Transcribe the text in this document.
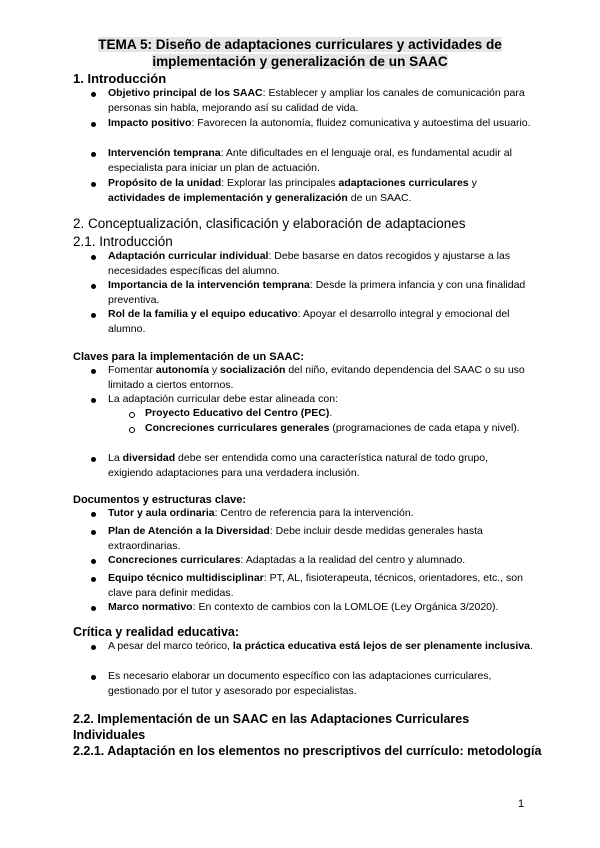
TEMA 5: Diseño de adaptaciones curriculares y actividades de
implementación y generalización de un SAAC
1. Introducción
Objetivo principal de los SAAC: Establecer y ampliar los canales de comunicación para personas sin habla, mejorando así su calidad de vida.
Impacto positivo: Favorecen la autonomía, fluidez comunicativa y autoestima del usuario.
Intervención temprana: Ante dificultades en el lenguaje oral, es fundamental acudir al especialista para iniciar un plan de actuación.
Propósito de la unidad: Explorar las principales adaptaciones curriculares y actividades de implementación y generalización de un SAAC.
2. Conceptualización, clasificación y elaboración de adaptaciones
2.1. Introducción
Adaptación curricular individual: Debe basarse en datos recogidos y ajustarse a las necesidades específicas del alumno.
Importancia de la intervención temprana: Desde la primera infancia y con una finalidad preventiva.
Rol de la familia y el equipo educativo: Apoyar el desarrollo integral y emocional del alumno.
Claves para la implementación de un SAAC:
Fomentar autonomía y socialización del niño, evitando dependencia del SAAC o su uso limitado a ciertos entornos.
La adaptación curricular debe estar alineada con:
Proyecto Educativo del Centro (PEC).
Concreciones curriculares generales (programaciones de cada etapa y nivel).
La diversidad debe ser entendida como una característica natural de todo grupo, exigiendo adaptaciones para una verdadera inclusión.
Documentos y estructuras clave:
Tutor y aula ordinaria: Centro de referencia para la intervención.
Plan de Atención a la Diversidad: Debe incluir desde medidas generales hasta extraordinarias.
Concreciones curriculares: Adaptadas a la realidad del centro y alumnado.
Equipo técnico multidisciplinar: PT, AL, fisioterapeuta, técnicos, orientadores, etc., son clave para definir medidas.
Marco normativo: En contexto de cambios con la LOMLOE (Ley Orgánica 3/2020).
Crítica y realidad educativa:
A pesar del marco teórico, la práctica educativa está lejos de ser plenamente inclusiva.
Es necesario elaborar un documento específico con las adaptaciones curriculares, gestionado por el tutor y asesorado por especialistas.
2.2. Implementación de un SAAC en las Adaptaciones Curriculares
Individuales
2.2.1. Adaptación en los elementos no prescriptivos del currículo: metodología
1
